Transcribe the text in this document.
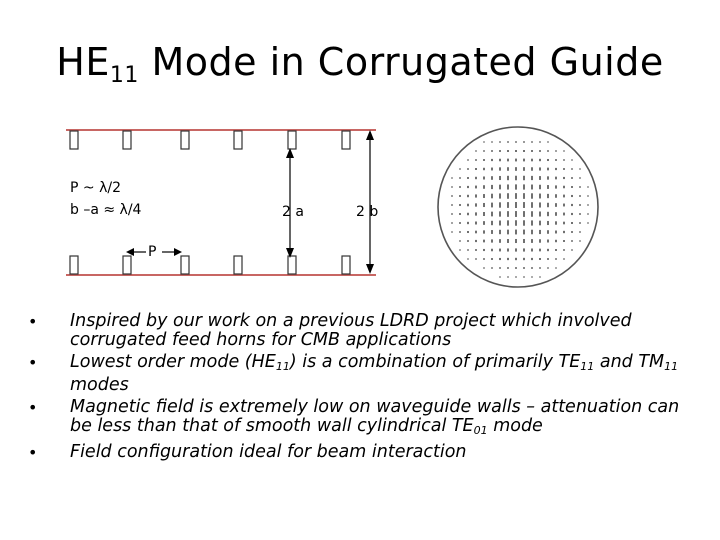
$HE_{11}$ Mode in Corrugated Guide
P ~ λ/2
b –a ≈ λ/4	2 a	2 b
P
• Inspired by our work on a previous LDRD project which involved corrugated feed horns for CMB applications
• Lowest order mode $(HE_{11})$ is a combination of primarily $TE_{11}$ and $TM_{11}$ modes
• Magnetic field is extremely low on waveguide walls – attenuation can be less than that of smooth wall cylindrical $TE_{01}$ mode
• Field configuration ideal for beam interaction
